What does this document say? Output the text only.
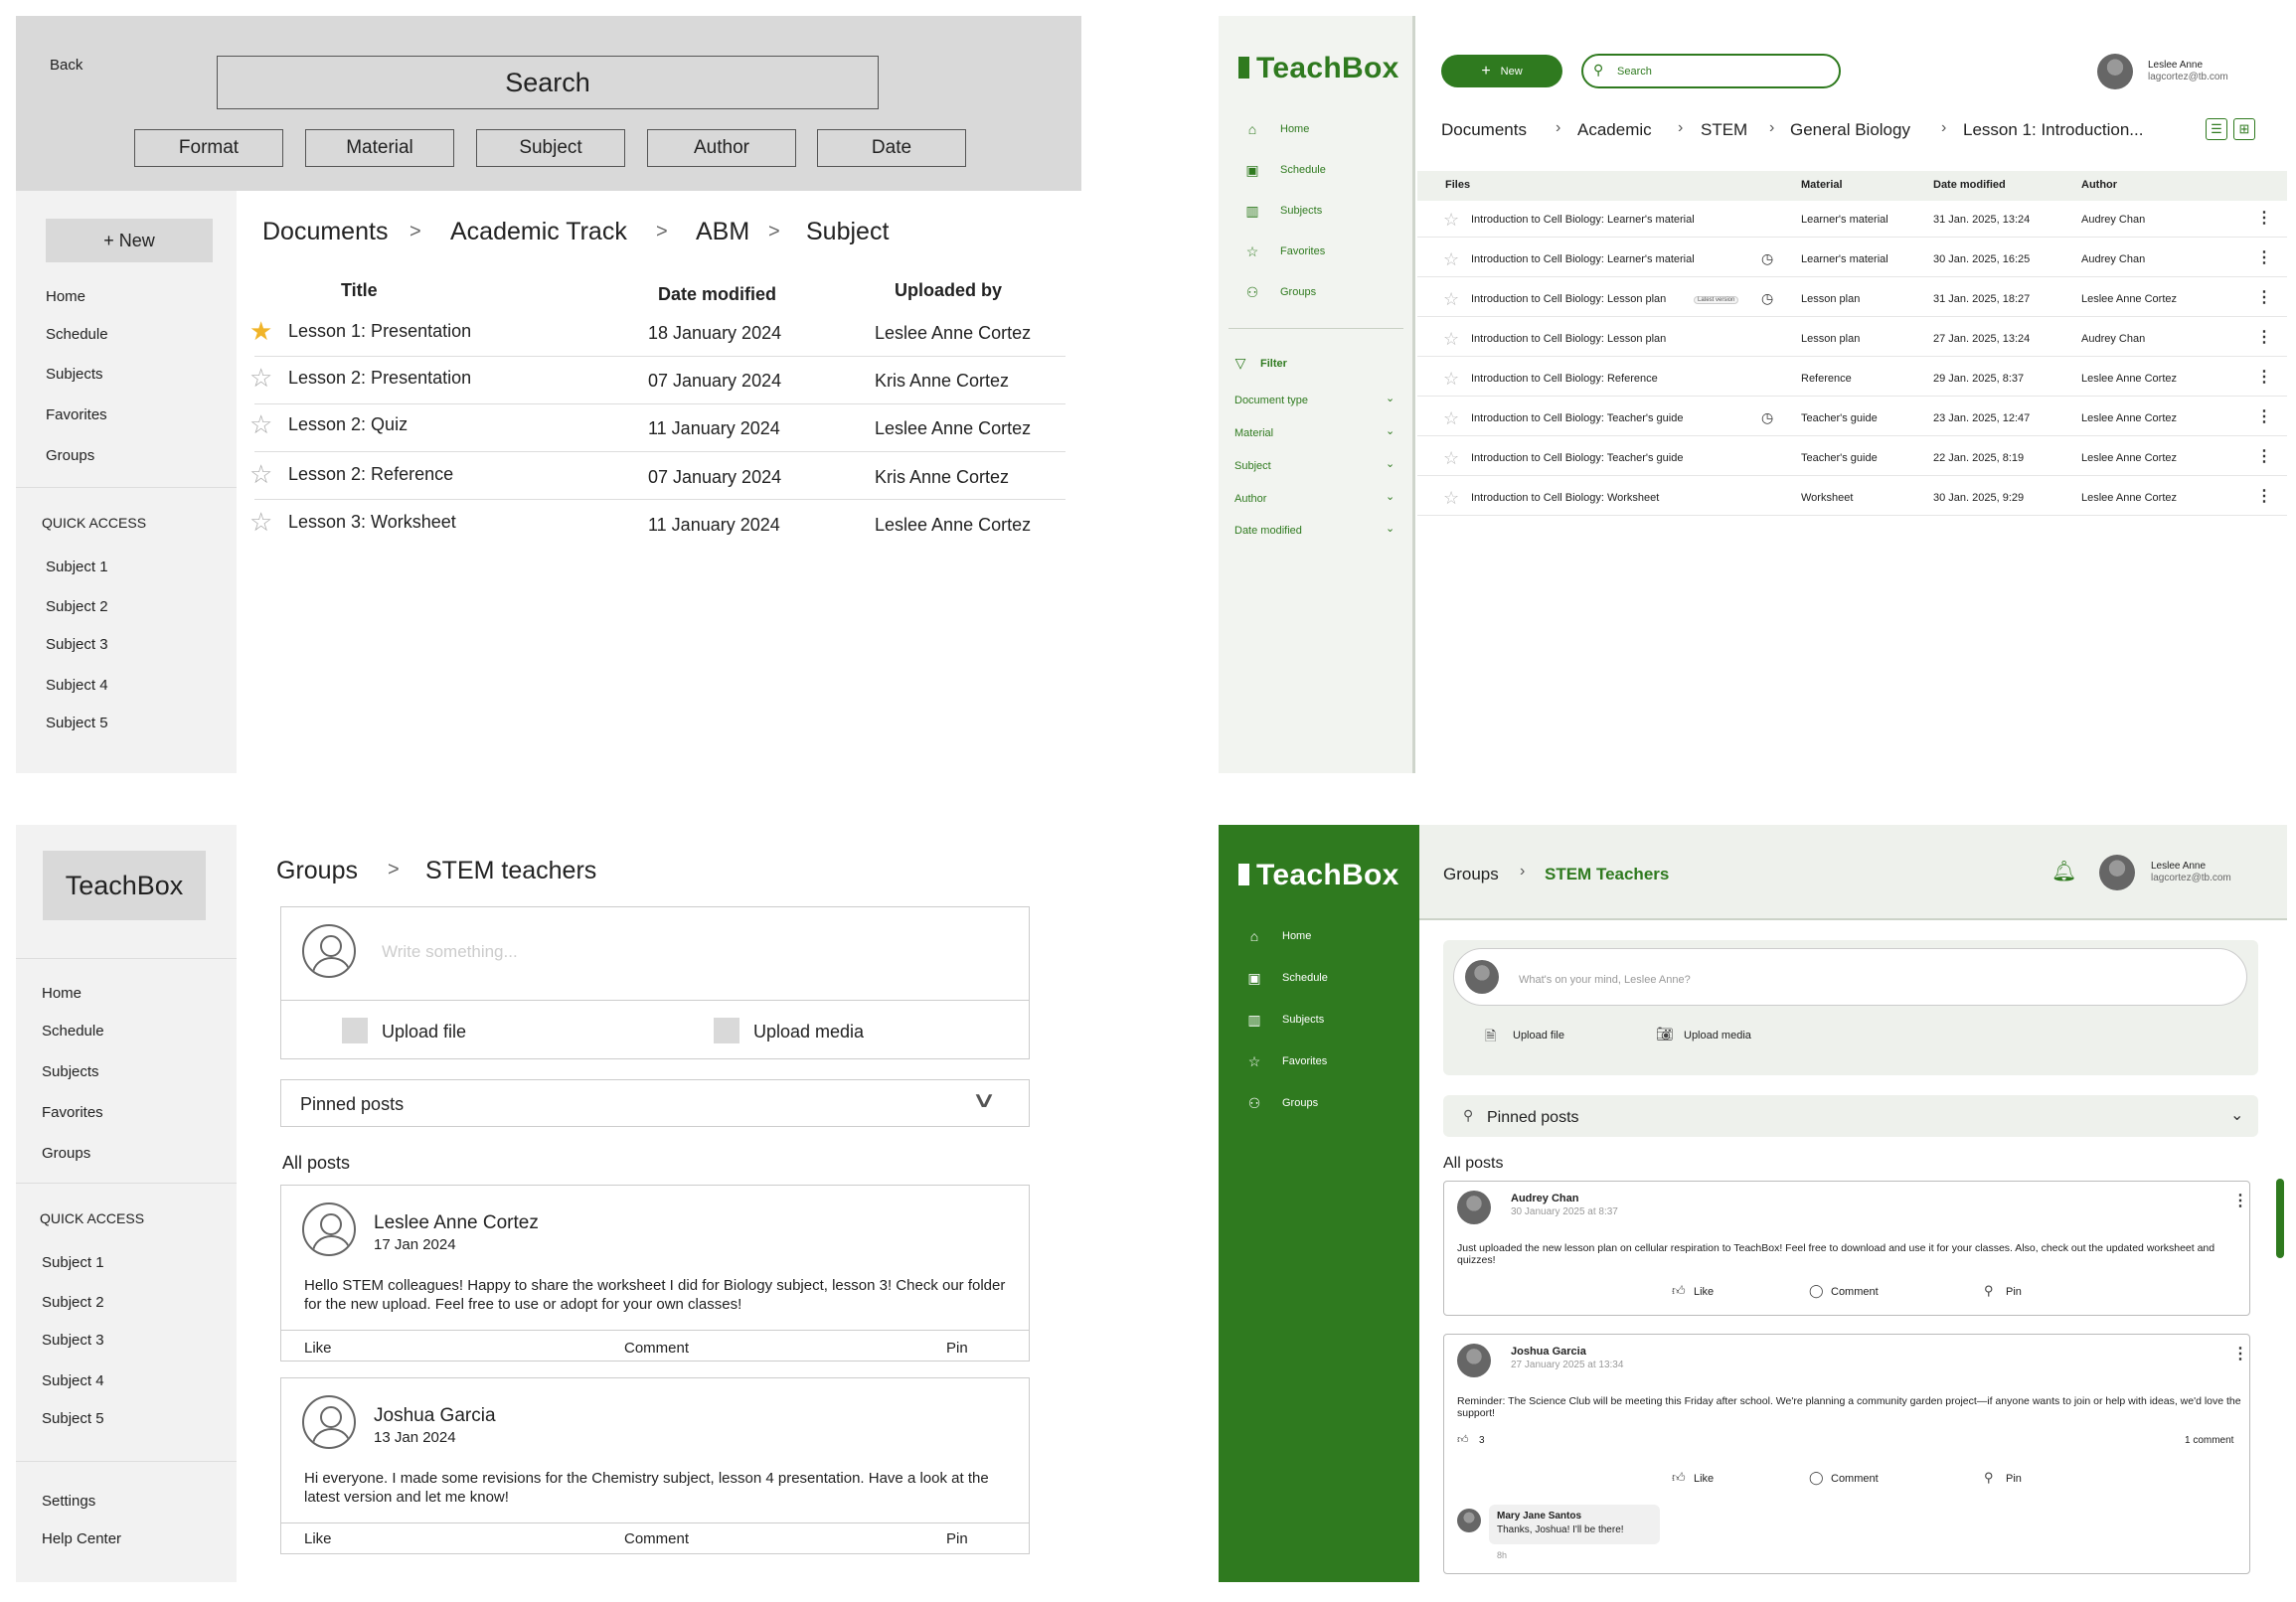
Back
Search
Format	Material	Subject	Author	Date
+ New
Home
Schedule
Subjects
Favorites
Groups
QUICK ACCESS
Subject 1
Subject 2
Subject 3
Subject 4
Subject 5
Documents > Academic Track > ABM > Subject
Title	Date modified	Uploaded by
★ Lesson 1: Presentation	18 January 2024	Leslee Anne Cortez
☆ Lesson 2: Presentation	07 January 2024	Kris Anne Cortez
☆ Lesson 2: Quiz	11 January 2024	Leslee Anne Cortez
☆ Lesson 2: Reference	07 January 2024	Kris Anne Cortez
☆ Lesson 3: Worksheet	11 January 2024	Leslee Anne Cortez
TeachBox
⌂	Home
▣ Schedule
▥ Subjects
☆ Favorites
⚇ Groups
▽ Filter
Document type	⌄
Material	⌄
Subject	⌄
Author	⌄
Date modified	⌄
+ New	⚲ Search
Leslee Anne
lagcortez@tb.com
Documents › Academic › STEM › General Biology › Lesson 1: Introduction...	☰	⊞
Files	Material	Date modified	Author
☆ Introduction to Cell Biology: Learner's material	Learner's material	31 Jan. 2025, 13:24	Audrey Chan	⋮
☆ Introduction to Cell Biology: Learner's material	◷	Learner's material	30 Jan. 2025, 16:25	Audrey Chan	⋮
☆ Introduction to Cell Biology: Lesson plan	Latest version ◷	Lesson plan	31 Jan. 2025, 18:27	Leslee Anne Cortez	⋮
☆ Introduction to Cell Biology: Lesson plan	Lesson plan	27 Jan. 2025, 13:24	Audrey Chan	⋮
☆ Introduction to Cell Biology: Reference	Reference	29 Jan. 2025, 8:37	Leslee Anne Cortez	⋮
☆ Introduction to Cell Biology: Teacher's guide	◷	Teacher's guide	23 Jan. 2025, 12:47	Leslee Anne Cortez	⋮
☆ Introduction to Cell Biology: Teacher's guide	Teacher's guide	22 Jan. 2025, 8:19	Leslee Anne Cortez	⋮
☆ Introduction to Cell Biology: Worksheet	Worksheet	30 Jan. 2025, 9:29	Leslee Anne Cortez	⋮
TeachBox
Home
Schedule
Subjects
Favorites
Groups
QUICK ACCESS
Subject 1
Subject 2
Subject 3
Subject 4
Subject 5
Settings
Help Center
Groups > STEM teachers
Write something...
Upload file	Upload media
Pinned posts	∨
All posts
Leslee Anne Cortez
17 Jan 2024
Hello STEM colleagues! Happy to share the worksheet I did for Biology subject, lesson 3! Check our folder for the new upload. Feel free to use or adopt for your own classes!
Like	Comment	Pin
Joshua Garcia
13 Jan 2024
Hi everyone. I made some revisions for the Chemistry subject, lesson 4 presentation. Have a look at the latest version and let me know!
Like	Comment	Pin
TeachBox
⌂	Home
▣ Schedule
▥ Subjects
☆ Favorites
⚇ Groups
Groups › STEM Teachers	🔔︎	Leslee Anne
lagcortez@tb.com
What's on your mind, Leslee Anne?
🗎︎ Upload file	📷︎ Upload media
⚲ Pinned posts	⌄
All posts
Audrey Chan
30 January 2025 at 8:37
⋮
Just uploaded the new lesson plan on cellular respiration to TeachBox! Feel free to download and use it for your classes. Also, check out the updated worksheet and quizzes!
👍︎ Like	◯ Comment	⚲ Pin
Joshua Garcia
27 January 2025 at 13:34
⋮
Reminder: The Science Club will be meeting this Friday after school. We're planning a community garden project—if anyone wants to join or help with ideas, we'd love the support!
👍︎ 3	1 comment
👍︎ Like	◯ Comment	⚲ Pin
Mary Jane Santos
Thanks, Joshua! I'll be there!
8h
